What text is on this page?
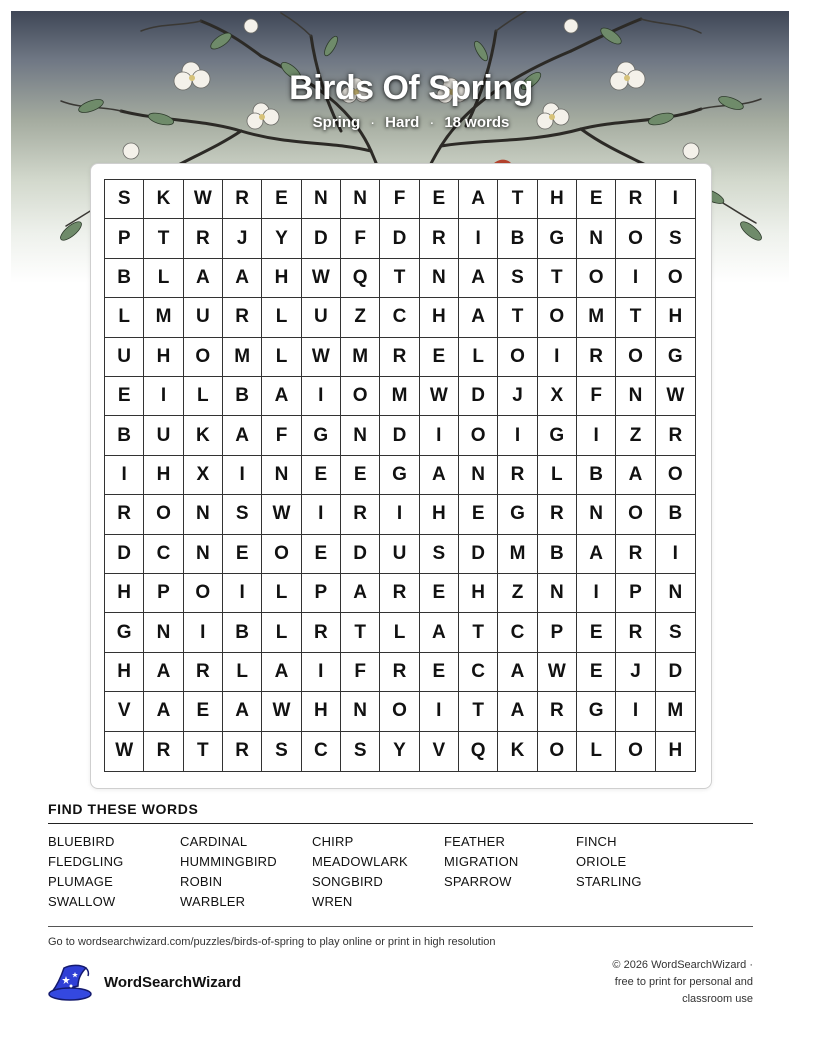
Birds Of Spring
Spring · Hard · 18 words
S	K	W	R	E	N	N	F	E	A	T	H	E	R	I
P	T	R	J	Y	D	F	D	R	I	B	G	N	O	S
B	L	A	A	H	W	Q	T	N	A	S	T	O	I	O
L	M	U	R	L	U	Z	C	H	A	T	O	M	T	H
U	H	O	M	L	W	M	R	E	L	O	I	R	O	G
E	I	L	B	A	I	O	M	W	D	J	X	F	N	W
B	U	K	A	F	G	N	D	I	O	I	G	I	Z	R
I	H	X	I	N	E	E	G	A	N	R	L	B	A	O
R	O	N	S	W	I	R	I	H	E	G	R	N	O	B
D	C	N	E	O	E	D	U	S	D	M	B	A	R	I
H	P	O	I	L	P	A	R	E	H	Z	N	I	P	N
G	N	I	B	L	R	T	L	A	T	C	P	E	R	S
H	A	R	L	A	I	F	R	E	C	A	W	E	J	D
V	A	E	A	W	H	N	O	I	T	A	R	G	I	M
W	R	T	R	S	C	S	Y	V	Q	K	O	L	O	H
FIND THESE WORDS
BLUEBIRD	CARDINAL	CHIRP	FEATHER	FINCH
FLEDGLING	HUMMINGBIRD	MEADOWLARK	MIGRATION	ORIOLE
PLUMAGE	ROBIN	SONGBIRD	SPARROW	STARLING
SWALLOW	WARBLER	WREN
Go to wordsearchwizard.com/puzzles/birds-of-spring to play online or print in high resolution
WordSearchWizard
© 2026 WordSearchWizard ·
free to print for personal and
classroom use
